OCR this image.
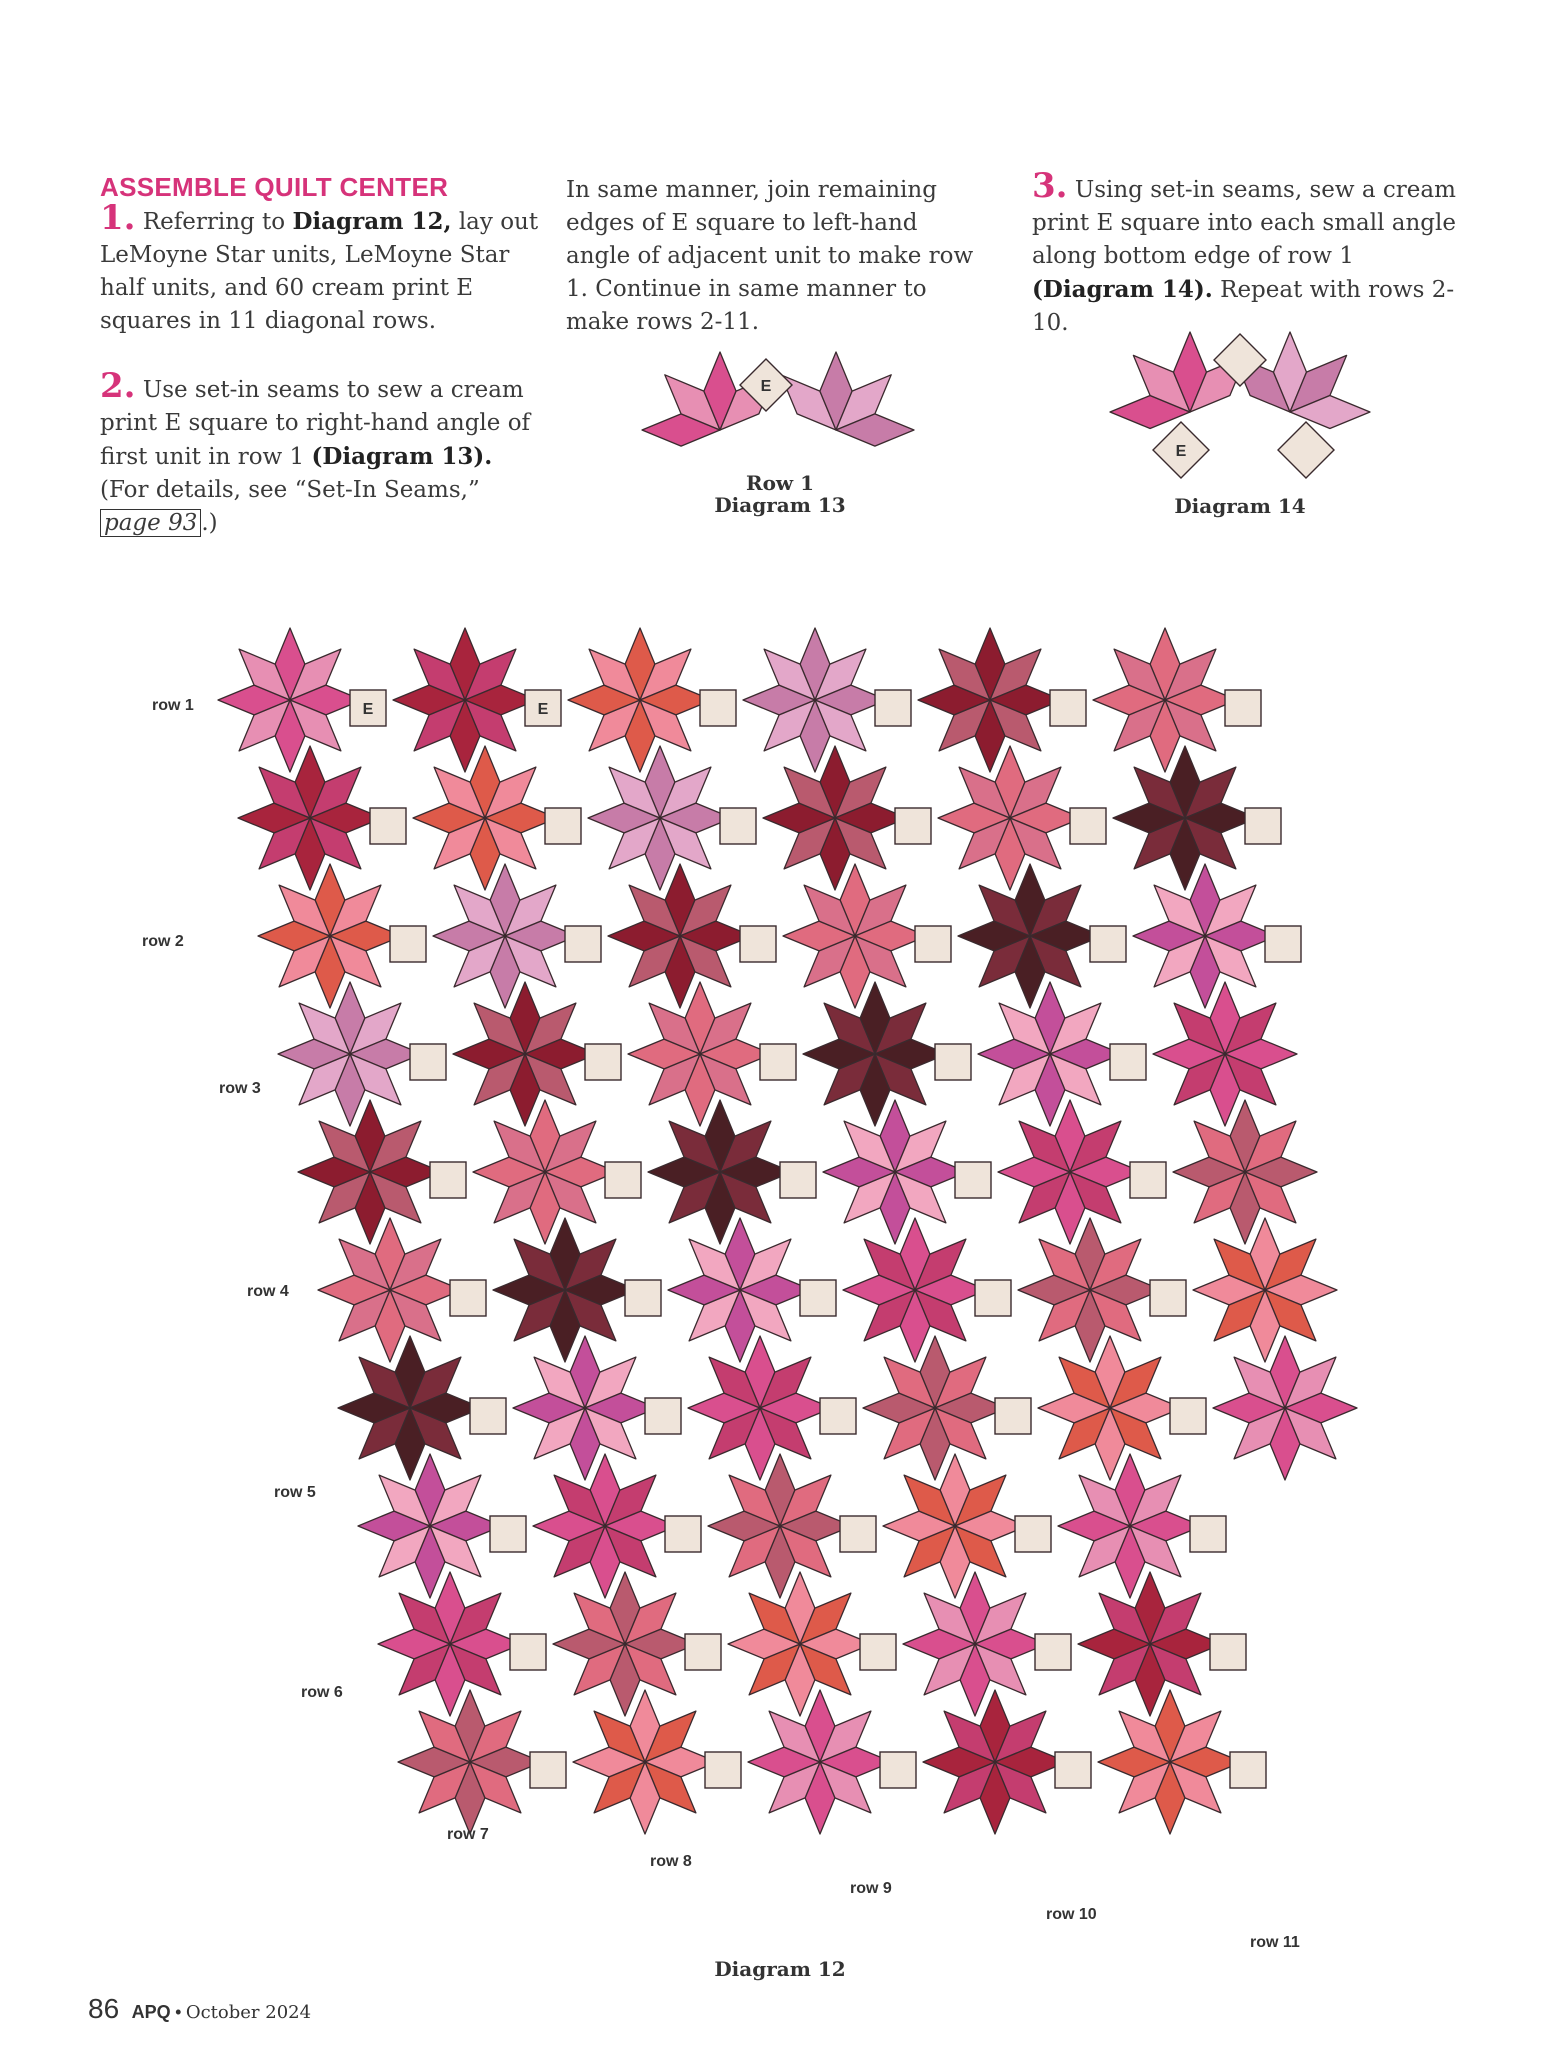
ASSEMBLE QUILT CENTER

1. Referring to Diagram 12, lay out LeMoyne Star units, LeMoyne Star half units, and 60 cream print E squares in 11 diagonal rows.

2. Use set-in seams to sew a cream print E square to right-hand angle of first unit in row 1 (Diagram 13). (For details, see “Set-In Seams,” page 93 .)

In same manner, join remaining edges of E square to left-hand angle of adjacent unit to make row 1. Continue in same manner to make rows 2-11.

3. Using set-in seams, sew a cream print E square into each small angle along bottom edge of row 1 (Diagram 14). Repeat with rows 2-10.

E
E
E	E
Row 1
Diagram 13	Diagram 14
Diagram 12
row 1
row 2
row 3
row 4
row 5
row 6
row 7
row 8
row 9
row 10
row 11
86 APQ • October 2024
